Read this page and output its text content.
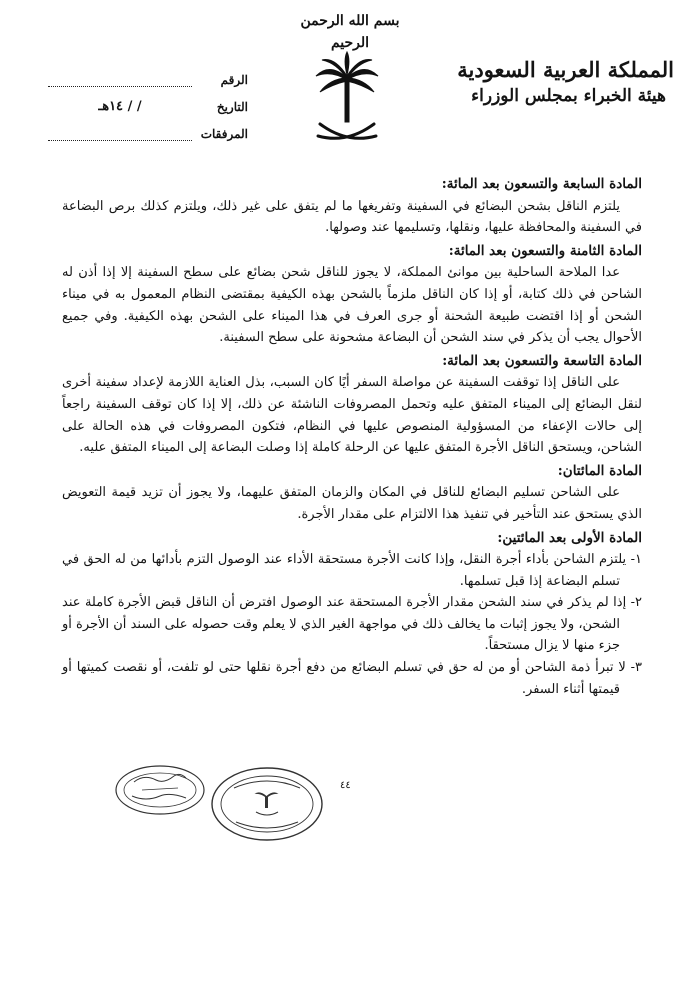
بسم الله الرحمن الرحيم
المملكة العربية السعودية
هيئة الخبراء بمجلس الوزراء
الرقم
التاريخ
/ / ١٤هـ
المرفقات

المادة السابعة والتسعون بعد المائة:

يلتزم الناقل بشحن البضائع في السفينة وتفريغها ما لم يتفق على غير ذلك، ويلتزم كذلك برص البضاعة في السفينة والمحافظة عليها، ونقلها، وتسليمها عند وصولها.

المادة الثامنة والتسعون بعد المائة:

عدا الملاحة الساحلية بين موانئ المملكة، لا يجوز للناقل شحن بضائع على سطح السفينة إلا إذا أذن له الشاحن في ذلك كتابة، أو إذا كان الناقل ملزماً بالشحن بهذه الكيفية بمقتضى النظام المعمول به في ميناء الشحن أو إذا اقتضت طبيعة الشحنة أو جرى العرف في هذا الميناء على الشحن بهذه الكيفية. وفي جميع الأحوال يجب أن يذكر في سند الشحن أن البضاعة مشحونة على سطح السفينة.

المادة التاسعة والتسعون بعد المائة:

على الناقل إذا توقفت السفينة عن مواصلة السفر أيًا كان السبب، بذل العناية اللازمة لإعداد سفينة أخرى لنقل البضائع إلى الميناء المتفق عليه وتحمل المصروفات الناشئة عن ذلك، إلا إذا كان توقف السفينة راجعاً إلى حالات الإعفاء من المسؤولية المنصوص عليها في النظام، فتكون المصروفات في هذه الحالة على الشاحن، ويستحق الناقل الأجرة المتفق عليها عن الرحلة كاملة إذا وصلت البضاعة إلى الميناء المتفق عليه.

المادة المائتان:

على الشاحن تسليم البضائع للناقل في المكان والزمان المتفق عليهما، ولا يجوز أن تزيد قيمة التعويض الذي يستحق عند التأخير في تنفيذ هذا الالتزام على مقدار الأجرة.

المادة الأولى بعد المائتين:

١- يلتزم الشاحن بأداء أجرة النقل، وإذا كانت الأجرة مستحقة الأداء عند الوصول التزم بأدائها من له الحق في تسلم البضاعة إذا قبل تسلمها.

٢- إذا لم يذكر في سند الشحن مقدار الأجرة المستحقة عند الوصول افترض أن الناقل قبض الأجرة كاملة عند الشحن، ولا يجوز إثبات ما يخالف ذلك في مواجهة الغير الذي لا يعلم وقت حصوله على السند أن الأجرة أو جزء منها لا يزال مستحقاً.

٣- لا تبرأ ذمة الشاحن أو من له حق في تسلم البضائع من دفع أجرة نقلها حتى لو تلفت، أو نقصت كميتها أو قيمتها أثناء السفر.

٤٤
